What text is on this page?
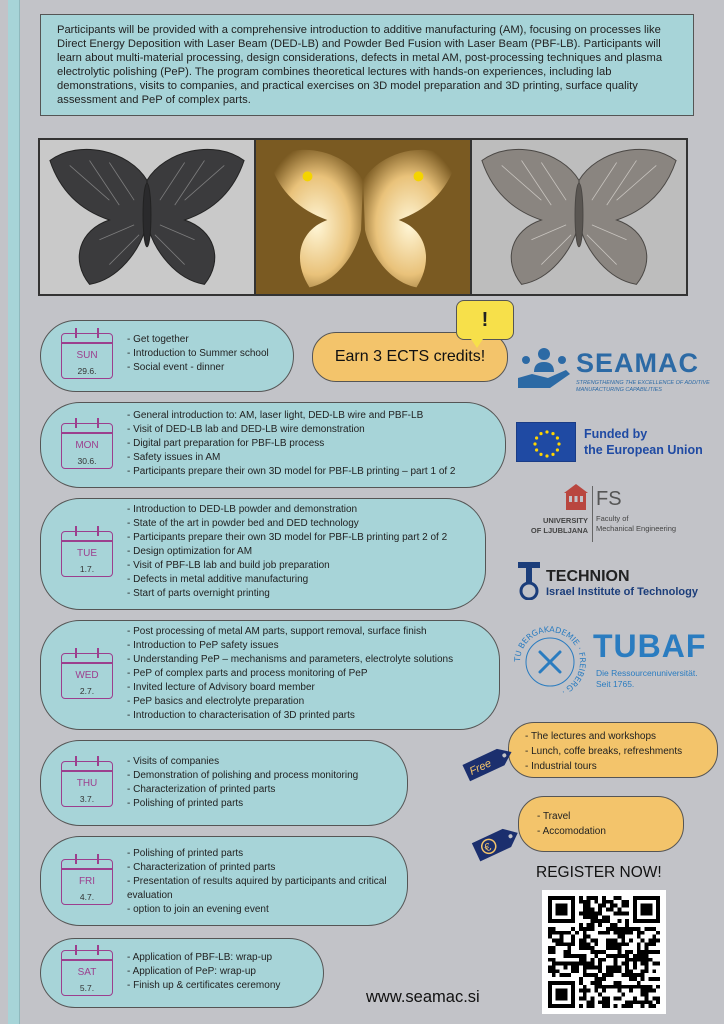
Participants will be provided with a comprehensive introduction to additive manufacturing (AM), focusing on processes like Direct Energy Deposition with Laser Beam (DED-LB) and Powder Bed Fusion with Laser Beam (PBF-LB). Participants will learn about multi-material processing, design considerations, defects in metal AM, post-processing techniques and plasma electrolytic polishing (PeP). The program combines theoretical lectures with hands-on experiences, including lab demonstrations, visits to companies, and practical exercises on 3D model preparation and 3D printing, surface quality assessment and PeP of complex parts.
SUN
29.6.
- Get together
- Introduction to Summer school
- Social event - dinner
MON
30.6.
- General introduction to: AM, laser light, DED-LB wire and PBF-LB
- Visit of DED-LB lab and DED-LB wire demonstration
- Digital part preparation for PBF-LB process
- Safety issues in AM
- Participants prepare their own 3D model for PBF-LB printing – part 1 of 2
TUE
1.7.
- Introduction to DED-LB powder and demonstration
- State of the art in powder bed and DED technology
- Participants prepare their own 3D model for PBF-LB printing part 2 of 2
- Design optimization for AM
- Visit of PBF-LB lab and build job preparation
- Defects in metal additive manufacturing
- Start of parts overnight printing
WED
2.7.
- Post processing of metal AM parts, support removal, surface finish
- Introduction to PeP safety issues
- Understanding PeP – mechanisms and parameters, electrolyte solutions
- PeP of complex parts and process monitoring of PeP
- Invited lecture of Advisory board member
- PeP basics and electrolyte preparation
- Introduction to characterisation of 3D printed parts
THU
3.7.
- Visits of companies
- Demonstration of polishing and process monitoring
- Characterization of printed parts
- Polishing of printed parts
FRI
4.7.
- Polishing of printed parts
- Characterization of printed parts
- Presentation of results aquired by participants and critical evaluation
- option to join an evening event
SAT
5.7.
- Application of PBF-LB: wrap-up
- Application of PeP: wrap-up
- Finish up & certificates ceremony
Earn 3 ECTS credits!
!
SEAMAC
STRENGTHENING THE EXCELLENCE OF ADDITIVE MANUFACTURING CAPABILITIES
Funded by
the European Union
FS
UNIVERSITY
OF LJUBLJANA
Faculty of
Mechanical Engineering
TECHNION
Israel Institute of Technology
TU BERGAKADEMIE · FREIBERG ·
TUBAF
Die Ressourcenuniversität.
Seit 1765.
- The lectures and workshops
- Lunch, coffe breaks, refreshments
- Industrial tours
Free
- Travel
- Accomodation
€
REGISTER NOW!
www.seamac.si
